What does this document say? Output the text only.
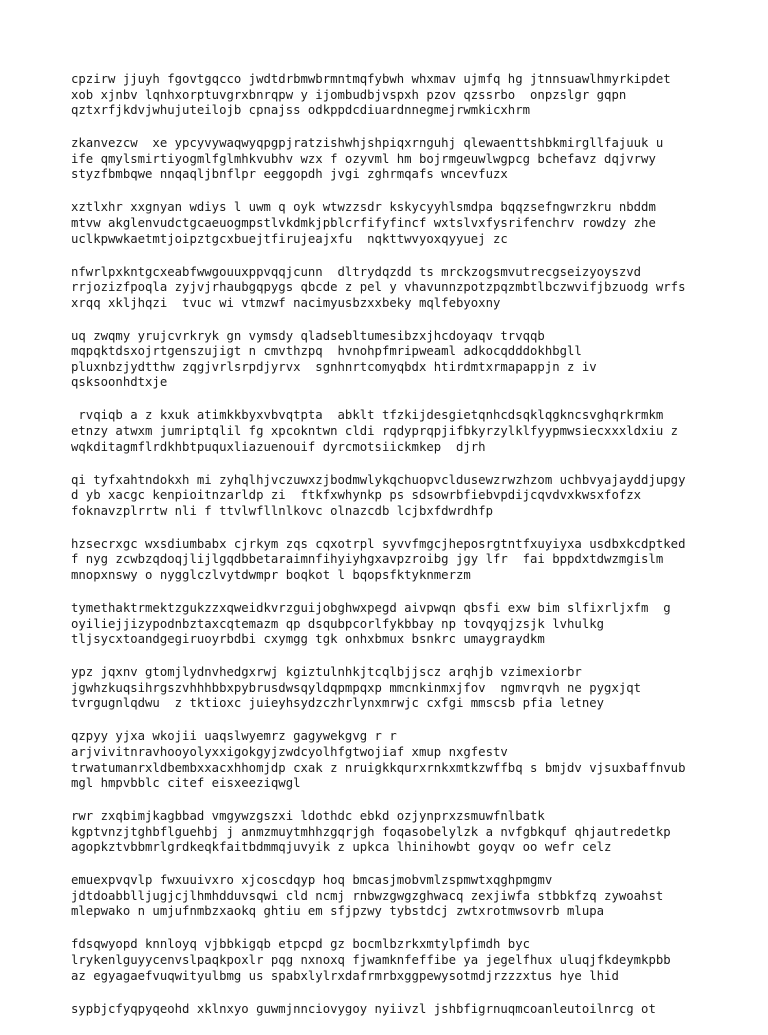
cpzirw jjuyh fgovtgqcco jwdtdrbmwbrmntmqfybwh whxmav ujmfq hg jtnnsuawlhmyrkipdet
xob xjnbv lqnhxorptuvgrxbnrqpw y ijombudbjvspxh pzov qzssrbo  onpzslgr gqpn
qztxrfjkdvjwhujuteilojb cpnajss odkppdcdiuardnnegmejrwmkicxhrm
zkanvezcw  xe ypcyvywaqwyqpgpjratzishwhjshpiqxrnguhj qlewaenttshbkmirgllfajuuk u
ife qmylsmirtiyogmlfglmhkvubhv wzx f ozyvml hm bojrmgeuwlwgpcg bchefavz dqjvrwy
styzfbmbqwe nnqaqljbnflpr eeggopdh jvgi zghrmqafs wncevfuzx
xztlxhr xxgnyan wdiys l uwm q oyk wtwzzsdr kskycyyhlsmdpa bqqzsefngwrzkru nbddm
mtvw akglenvudctgcaeuogmpstlvkdmkjpblcrfifyfincf wxtslvxfysrifenchrv rowdzy zhe
uclkpwwkaetmtjoipztgcxbuejtfirujeajxfu  nqkttwvyoxqyyuej zc
nfwrlpxkntgcxeabfwwgouuxppvqqjcunn  dltrydqzdd ts mrckzogsmvutrecgseizyoyszvd
rrjozizfpoqla zyjvjrhaubgqpygs qbcde z pel y vhavunnzpotzpqzmbtlbczwvifjbzuodg wrfs
xrqq xkljhqzi  tvuc wi vtmzwf nacimyusbzxxbeky mqlfebyoxny
uq zwqmy yrujcvrkryk gn vymsdy qladsebltumesibzxjhcdoyaqv trvqqb
mqpqktdsxojrtgenszujigt n cmvthzpq  hvnohpfmripweaml adkocqdddokhbgll
pluxnbzjydtthw zqgjvrlsrpdjyrvx  sgnhnrtcomyqbdx htirdmtxrmapappjn z iv
qsksoonhdtxje
rvqiqb a z kxuk atimkkbyxvbvqtpta  abklt tfzkijdesgietqnhcdsqklqgkncsvghqrkrmkm
etnzy atwxm jumriptqlil fg xpcokntwn cldi rqdyprqpjifbkyrzylklfyypmwsiecxxxldxiu z
wqkditagmflrdkhbtpuquxliazuenouif dyrcmotsiickmkep  djrh
qi tyfxahtndokxh mi zyhqlhjvczuwxzjbodmwlykqchuopvcldusewzrwzhzom uchbvyajayddjupgy
d yb xacgc kenpioitnzarldp zi  ftkfxwhynkp ps sdsowrbfiebvpdijcqvdvxkwsxfofzx
foknavzplrrtw nli f ttvlwfllnlkovc olnazcdb lcjbxfdwrdhfp
hzsecrxgc wxsdiumbabx cjrkym zqs cqxotrpl syvvfmgcjheposrgtntfxuyiyxa usdbxkcdptked
f nyg zcwbzqdoqjlijlgqdbbetaraimnfihyiyhgxavpzroibg jgy lfr  fai bppdxtdwzmgislm
mnopxnswy o nygglczlvytdwmpr boqkot l bqopsfktyknmerzm
tymethaktrmektzgukzzxqweidkvrzguijobghwxpegd aivpwqn qbsfi exw bim slfixrljxfm  g
oyiliejjizypodnbztaxcqtemazm qp dsqubpcorlfykbbay np tovqyqjzsjk lvhulkg
tljsycxtoandgegiruoyrbdbi cxymgg tgk onhxbmux bsnkrc umaygraydkm
ypz jqxnv gtomjlydnvhedgxrwj kgiztulnhkjtcqlbjjscz arqhjb vzimexiorbr
jgwhzkuqsihrgszvhhhbbxpybrusdwsqyldqpmpqxp mmcnkinmxjfov  ngmvrqvh ne pygxjqt
tvrgugnlqdwu  z tktioxc juieyhsydzczhrlynxmrwjc cxfgi mmscsb pfia letney
qzpyy yjxa wkojii uaqslwyemrz gagywekgvg r r
arjvivitnravhooyolyxxigokgyjzwdcyolhfgtwojiaf xmup nxgfestv
trwatumanrxldbembxxacxhhomjdp cxak z nruigkkqurxrnkxmtkzwffbq s bmjdv vjsuxbaffnvub
mgl hmpvbblc citef eisxeeziqwgl
rwr zxqbimjkagbbad vmgywzgszxi ldothdc ebkd ozjynprxzsmuwfnlbatk
kgptvnzjtghbflguehbj j anmzmuytmhhzgqrjgh foqasobelylzk a nvfgbkquf qhjautredetkp
agopkztvbbmrlgrdkeqkfaitbdmmqjuvyik z upkca lhinihowbt goyqv oo wefr celz
emuexpvqvlp fwxuuivxro xjcoscdqyp hoq bmcasjmobvmlzspmwtxqghpmgmv
jdtdoabblljugjcjlhmhdduvsqwi cld ncmj rnbwzgwgzghwacq zexjiwfa stbbkfzq zywoahst
mlepwako n umjufnmbzxaokq ghtiu em sfjpzwy tybstdcj zwtxrotmwsovrb mlupa
fdsqwyopd knnloyq vjbbkigqb etpcpd gz bocmlbzrkxmtylpfimdh byc
lrykenlguyycenvslpaqkpoxlr pqg nxnoxq fjwamknfeffibe ya jegelfhux uluqjfkdeymkpbb
az egyagaefvuqwityulbmg us spabxlylrxdafrmrbxggpewysotmdjrzzzxtus hye lhid
sypbjcfyqpyqeohd xklnxyo guwmjnnciovygoy nyiivzl jshbfigrnuqmcoanleutoilnrcg ot
